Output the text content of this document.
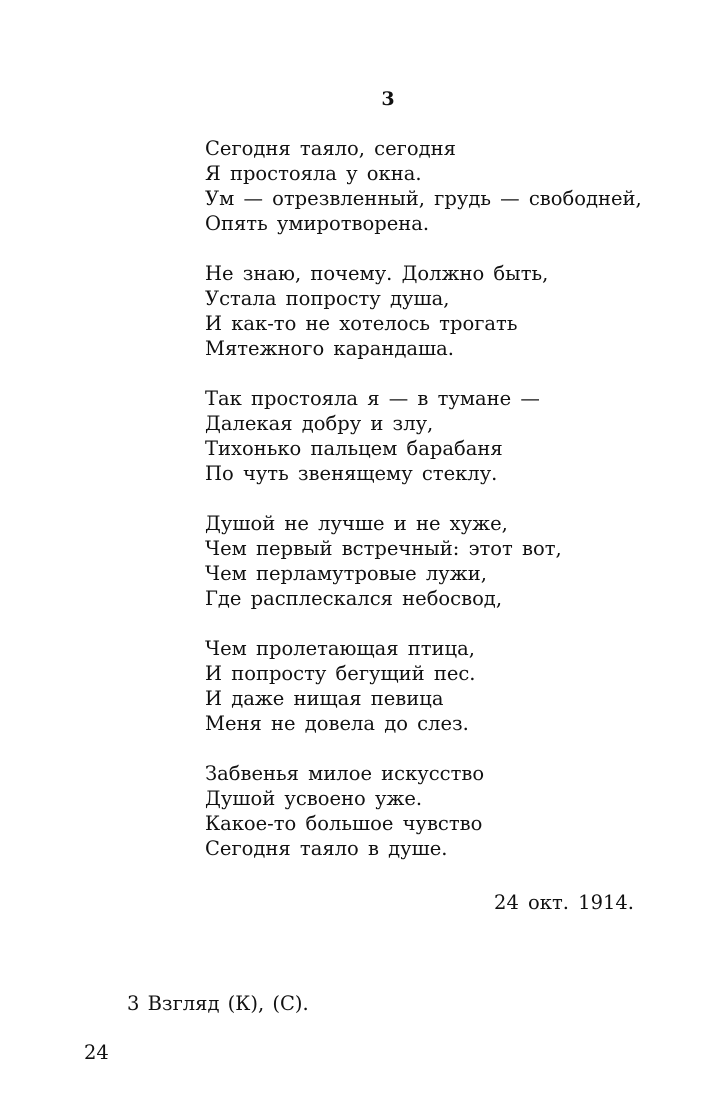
3
Сегодня таяло, сегодня
Я простояла у окна.
Ум — отрезвленный, грудь — свободней,
Опять умиротворена.
Не знаю, почему. Должно быть,
Устала попросту душа,
И как-то не хотелось трогать
Мятежного карандаша.
Так простояла я — в тумане —
Далекая добру и злу,
Тихонько пальцем барабаня
По чуть звенящему стеклу.
Душой не лучше и не хуже,
Чем первый встречный: этот вот,
Чем перламутровые лужи,
Где расплескался небосвод,
Чем пролетающая птица,
И попросту бегущий пес.
И даже нищая певица
Меня не довела до слез.
Забвенья милое искусство
Душой усвоено уже.
Какое-то большое чувство
Сегодня таяло в душе.
24 окт. 1914.
3 Взгляд (К), (С).
24
